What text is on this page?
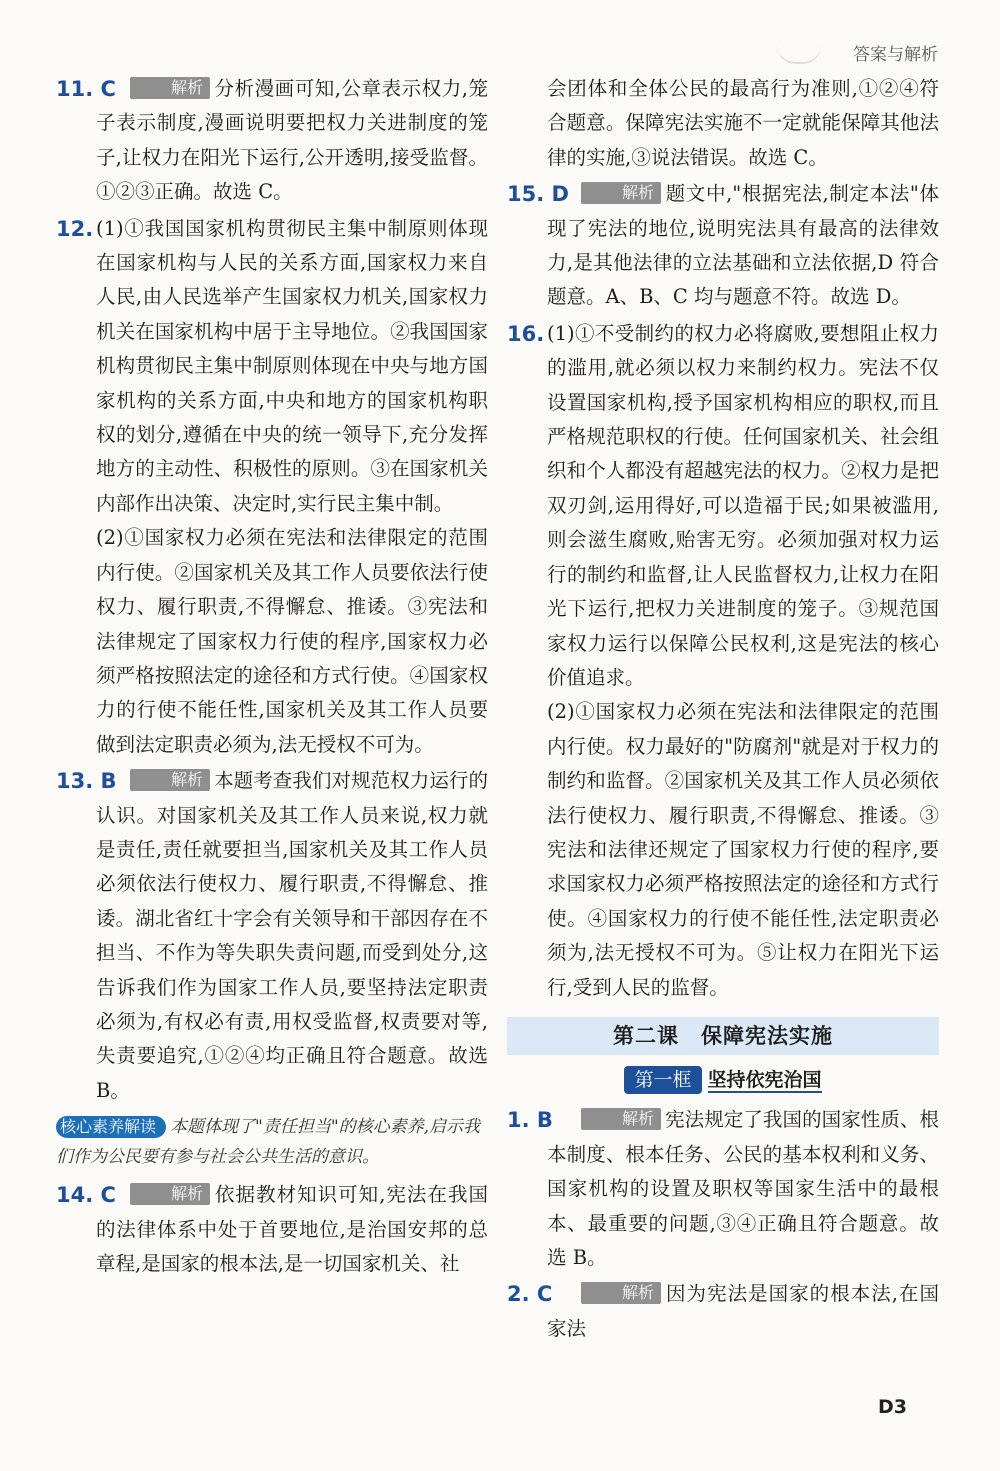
答案与解析
11. C	解析 分析漫画可知,公章表示权力,笼子表示制度,漫画说明要把权力关进制度的笼子,让权力在阳光下运行,公开透明,接受监督。①②③正确。故选 C。

12. (1)①我国国家机构贯彻民主集中制原则体现在国家机构与人民的关系方面,国家权力来自人民,由人民选举产生国家权力机关,国家权力机关在国家机构中居于主导地位。②我国国家机构贯彻民主集中制原则体现在中央与地方国家机构的关系方面,中央和地方的国家机构职权的划分,遵循在中央的统一领导下,充分发挥地方的主动性、积极性的原则。③在国家机关内部作出决策、决定时,实行民主集中制。

(2)①国家权力必须在宪法和法律限定的范围内行使。②国家机关及其工作人员要依法行使权力、履行职责,不得懈怠、推诿。③宪法和法律规定了国家权力行使的程序,国家权力必须严格按照法定的途径和方式行使。④国家权力的行使不能任性,国家机关及其工作人员要做到法定职责必须为,法无授权不可为。

13. B	解析 本题考查我们对规范权力运行的认识。对国家机关及其工作人员来说,权力就是责任,责任就要担当,国家机关及其工作人员必须依法行使权力、履行职责,不得懈怠、推诿。湖北省红十字会有关领导和干部因存在不担当、不作为等失职失责问题,而受到处分,这告诉我们作为国家工作人员,要坚持法定职责必须为,有权必有责,用权受监督,权责要对等,失责要追究,①②④均正确且符合题意。故选 B。

核心素养解读 本题体现了"责任担当"的核心素养,启示我们作为公民要有参与社会公共生活的意识。
14. C	解析 依据教材知识可知,宪法在我国的法律体系中处于首要地位,是治国安邦的总章程,是国家的根本法,是一切国家机关、社

会团体和全体公民的最高行为准则,①②④符合题意。保障宪法实施不一定就能保障其他法律的实施,③说法错误。故选 C。

15. D	解析 题文中,"根据宪法,制定本法"体现了宪法的地位,说明宪法具有最高的法律效力,是其他法律的立法基础和立法依据,D 符合题意。A、B、C 均与题意不符。故选 D。

16. (1)①不受制约的权力必将腐败,要想阻止权力的滥用,就必须以权力来制约权力。宪法不仅设置国家机构,授予国家机构相应的职权,而且严格规范职权的行使。任何国家机关、社会组织和个人都没有超越宪法的权力。②权力是把双刃剑,运用得好,可以造福于民;如果被滥用,则会滋生腐败,贻害无穷。必须加强对权力运行的制约和监督,让人民监督权力,让权力在阳光下运行,把权力关进制度的笼子。③规范国家权力运行以保障公民权利,这是宪法的核心价值追求。

(2)①国家权力必须在宪法和法律限定的范围内行使。权力最好的"防腐剂"就是对于权力的制约和监督。②国家机关及其工作人员必须依法行使权力、履行职责,不得懈怠、推诿。③宪法和法律还规定了国家权力行使的程序,要求国家权力必须严格按照法定的途径和方式行使。④国家权力的行使不能任性,法定职责必须为,法无授权不可为。⑤让权力在阳光下运行,受到人民的监督。

第二课　保障宪法实施
第一框 坚持依宪治国
1. B	解析 宪法规定了我国的国家性质、根本制度、根本任务、公民的基本权利和义务、国家机构的设置及职权等国家生活中的最根本、最重要的问题,③④正确且符合题意。故选 B。

2. C	解析 因为宪法是国家的根本法,在国家法

D3
